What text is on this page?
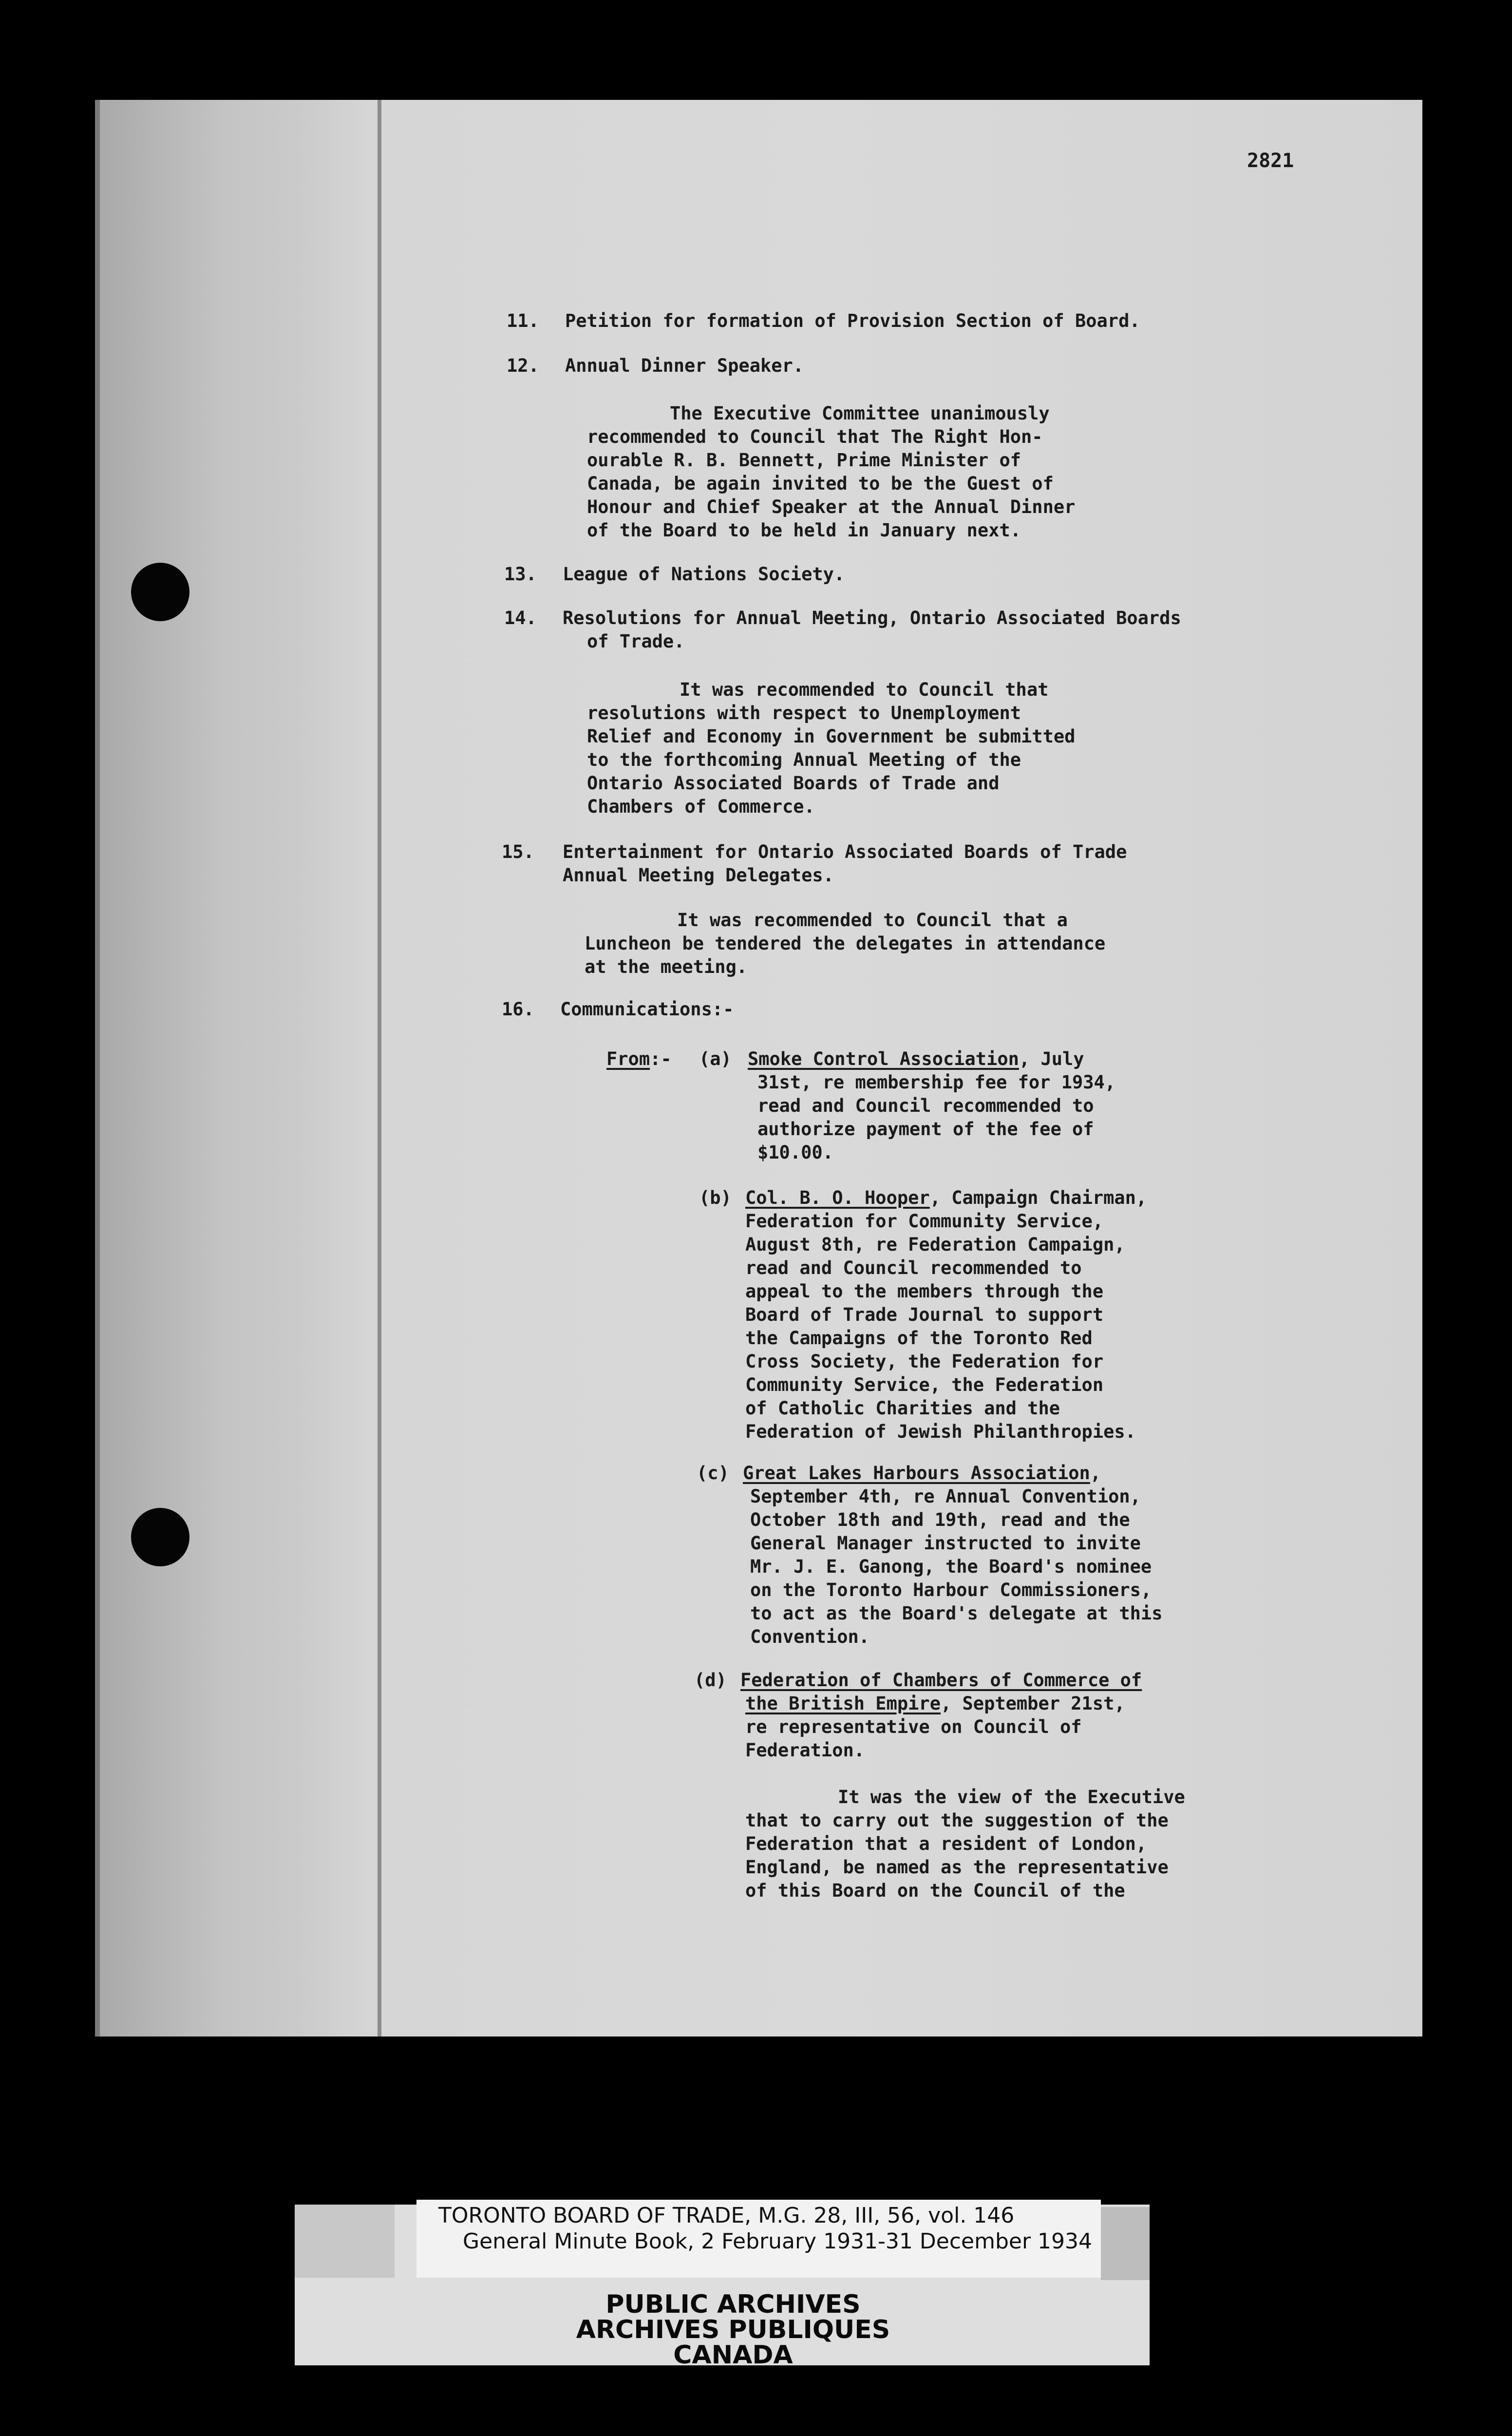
2821
11. Petition for formation of Provision Section of Board.
12. Annual Dinner Speaker.
The Executive Committee unanimously
recommended to Council that The Right Hon-
ourable R. B. Bennett, Prime Minister of
Canada, be again invited to be the Guest of
Honour and Chief Speaker at the Annual Dinner
of the Board to be held in January next.
13. League of Nations Society.
14. Resolutions for Annual Meeting, Ontario Associated Boards
of Trade.
It was recommended to Council that
resolutions with respect to Unemployment
Relief and Economy in Government be submitted
to the forthcoming Annual Meeting of the
Ontario Associated Boards of Trade and
Chambers of Commerce.
15. Entertainment for Ontario Associated Boards of Trade
Annual Meeting Delegates.
It was recommended to Council that a
Luncheon be tendered the delegates in attendance
at the meeting.
16. Communications:-
From:- (a) Smoke Control Association, July
31st, re membership fee for 1934,
read and Council recommended to
authorize payment of the fee of
$10.00.
(b) Col. B. O. Hooper, Campaign Chairman,
Federation for Community Service,
August 8th, re Federation Campaign,
read and Council recommended to
appeal to the members through the
Board of Trade Journal to support
the Campaigns of the Toronto Red
Cross Society, the Federation for
Community Service, the Federation
of Catholic Charities and the
Federation of Jewish Philanthropies.
(c) Great Lakes Harbours Association,
September 4th, re Annual Convention,
October 18th and 19th, read and the
General Manager instructed to invite
Mr. J. E. Ganong, the Board's nominee
on the Toronto Harbour Commissioners,
to act as the Board's delegate at this
Convention.
(d) Federation of Chambers of Commerce of
the British Empire, September 21st,
re representative on Council of
Federation.
It was the view of the Executive
that to carry out the suggestion of the
Federation that a resident of London,
England, be named as the representative
of this Board on the Council of the
TORONTO BOARD OF TRADE, M.G. 28, III, 56, vol. 146
General Minute Book, 2 February 1931-31 December 1934
PUBLIC ARCHIVES
ARCHIVES PUBLIQUES
CANADA
